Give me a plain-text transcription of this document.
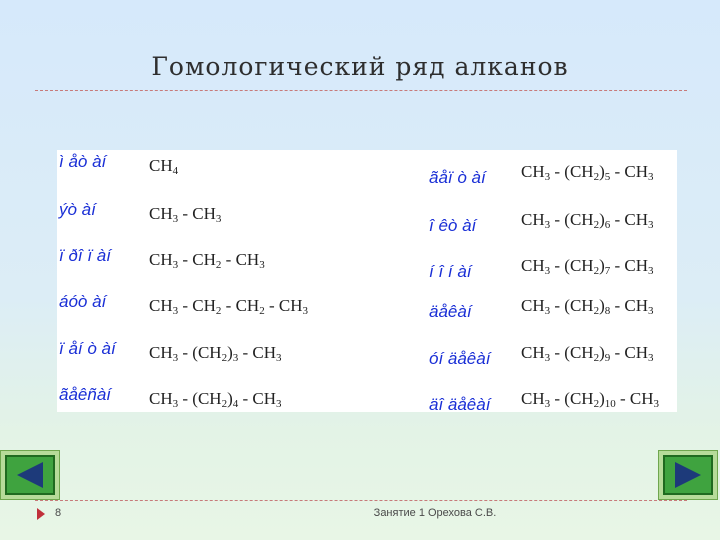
Гомологический ряд алканов
ì åò àí	$CH_4$
ýò àí	$CH_3 - CH_3$
ï ðî ï àí $CH_3 - CH_2 - CH_3$
áóò àí	$CH_3 - CH_2 - CH_2 - CH_3$
ï åí ò àí $CH_3 - (CH_2)_3 - CH_3$
ãåêñàí $CH_3 - (CH_2)_4 - CH_3$
ãåï ò àí $CH_3 - (CH_2)_5 - CH_3$
î êò àí	$CH_3 - (CH_2)_6 - CH_3$
í î í àí	$CH_3 - (CH_2)_7 - CH_3$
äåêàí	$CH_3 - (CH_2)_8 - CH_3$
óí äåêàí $CH_3 - (CH_2)_9 - CH_3$
äî äåêàí $CH_3 - (CH_2)_{10} - CH_3$
8	Занятие 1 Орехова С.В.
